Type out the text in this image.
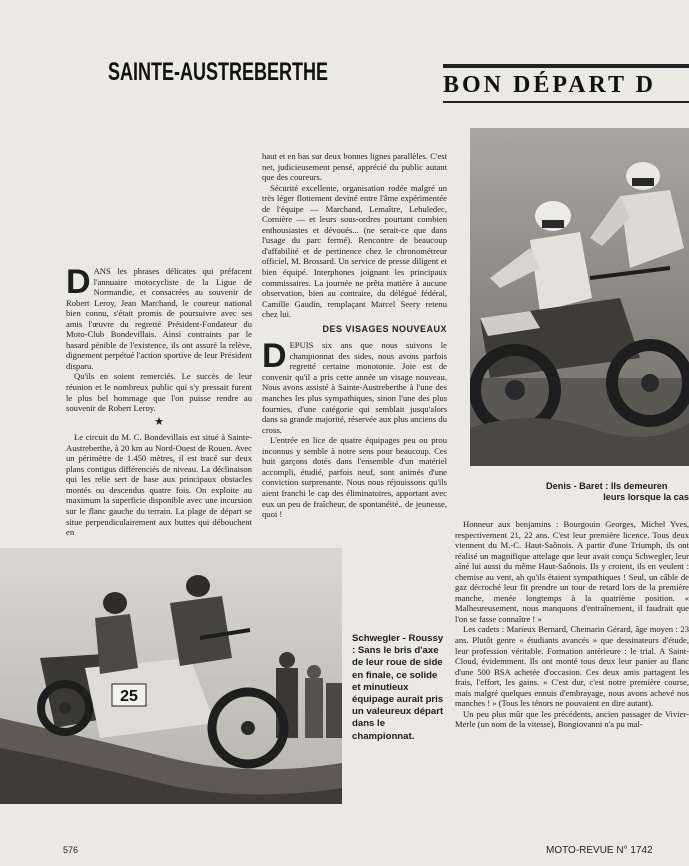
SAINTE-AUSTREBERTHE	BON DÉPART D

DANS les phrases délicates qui préfacent l'annuaire motocycliste de la Ligue de Normandie, et consacrées au souvenir de Robert Leroy, Jean Marchand, le coureur national bien connu, s'était promis de poursuivre avec ses amis l'œuvre du regretté Président-Fondateur du Moto-Club Bondevillais. Ainsi contraints par le hasard pénible de l'existence, ils ont assuré la relève, dignement perpétué l'action sportive de leur Président disparu.

Qu'ils en soient remerciés. Le succès de leur réunion et le nombreux public qui s'y pressait furent le plus bel hommage que l'on puisse rendre au souvenir de Robert Leroy.

★

Le circuit du M. C. Bondevillais est situé à Sainte-Austreberthe, à 20 km au Nord-Ouest de Rouen. Avec un périmètre de 1.450 mètres, il est tracé sur deux plans contigus différenciés de niveau. La déclinaison qui les relie sert de base aux principaux obstacles montés ou descendus quatre fois. On exploite au maximum la superficie disponible avec une incursion sur le flanc gauche du terrain. La plage de départ se situe perpendiculairement aux buttes qui débouchent en

haut et en bas sur deux bonnes lignes parallèles. C'est net, judicieusement pensé, apprécié du public autant que des coureurs.

Sécurité excellente, organisation rodée malgré un très léger flottement deviné entre l'âme expérimentée de l'équipe — Marchand, Lemaître, Lehuledec, Cornière — et leurs sous-ordres pourtant combien enthousiastes et dévoués... (ne serait-ce que dans l'usage du parc fermé). Rencontre de beaucoup d'affabilité et de pertinence chez le chronométreur officiel, M. Brossard. Un service de presse diligent et bien équipé. Interphones joignant les principaux commissaires. La journée ne prêta matière à aucune observation, bien au contraire, du délégué fédéral, Camille Gaudin, remplaçant Marcel Seery retenu chez lui.

DES VISAGES NOUVEAUX

DEPUIS six ans que nous suivons le championnat des sides, nous avons parfois regretté certaine monotonie. Joie est de convenir qu'il a pris cette année un visage nouveau. Nous avons assisté à Sainte-Austreberthe à l'une des manches les plus sympathiques, sinon l'une des plus fournies, d'une catégorie qui semblait jusqu'alors dans sa grande majorité, réservée aux plus anciens du cross.

L'entrée en lice de quatre équipages peu ou prou inconnus y semble à notre sens pour beaucoup. Ces huit garçons dotés dans l'ensemble d'un matériel accompli, étudié, parfois neuf, sont animés d'une conviction surprenante. Nous nous réjouissons qu'ils aient franchi le cap des éliminatoires, apportant avec eux un peu de fraîcheur, de spontanéité.. de jeunesse, quoi !

Honneur aux benjamins : Bourgouin Georges, Michel Yves, respectivement 21, 22 ans. C'est leur première licence. Tous deux viennent du M.-C. Haut-Saônois. A partir d'une Triumph, ils ont réalisé un magnifique attelage que leur avait conçu Schwegler, leur aîné lui aussi du même Haut-Saônois. Ils y croient, ils en veulent : chemise au vent, ah qu'ils étaient sympathiques ! Seul, un câble de gaz décroché leur fit prendre un tour de retard lors de la première manche, menée longtemps à la quatrième position. « Malheureusement, nous manquons d'entraînement, il faudrait que l'on se fasse connaître ! »

Les cadets : Marieux Bernard, Chemarin Gérard, âge moyen : 23 ans. Plutôt genre « étudiants avancés » que dessinateurs d'étude, leur profession véritable. Formation antérieure : le trial. A Saint-Cloud, évidemment. Ils ont monté tous deux leur panier au flanc d'une 500 BSA achetée d'occasion. Ces deux amis partagent les frais, l'effort, les gains. « C'est dur, c'est notre première course, mais malgré quelques ennuis d'embrayage, nous avons achevé nos manches ! » (Tous les ténors ne pouvaient en dire autant).

Un peu plus mûr que les précédents, ancien passager de Vivier-Merle (un nom de la vitesse), Bongiovanni n'a pu mal-

Denis - Baret : Ils demeuren
leurs lorsque la cas
25
Schwegler - Roussy : Sans le bris d'axe de leur roue de side en finale, ce solide et minutieux équipage aurait pris un valeureux départ dans le championnat.
576	MOTO-REVUE N° 1742
